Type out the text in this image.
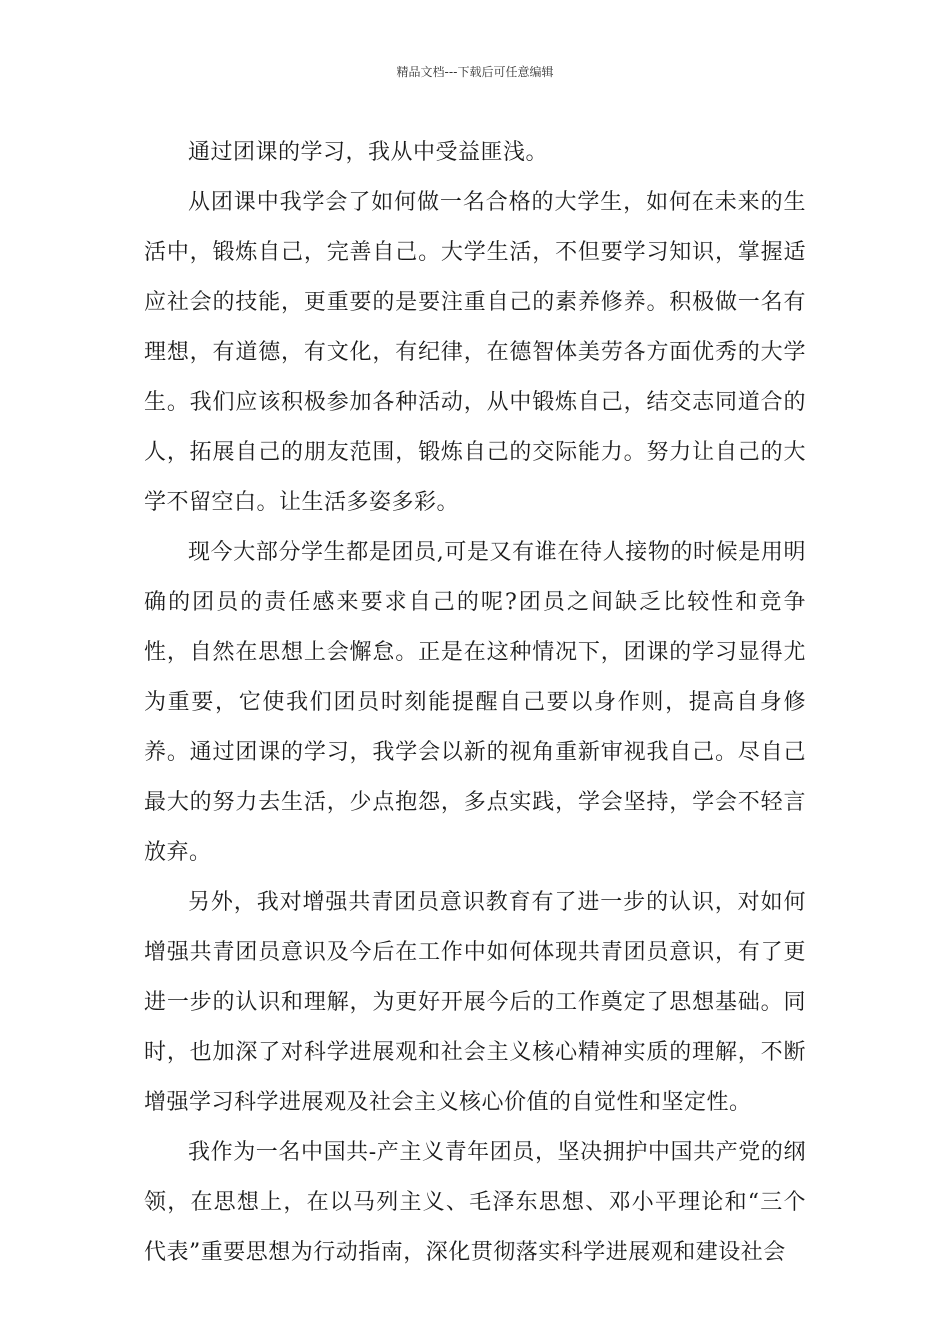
精品文档---下载后可任意编辑

通过团课的学习，我从中受益匪浅。

从团课中我学会了如何做一名合格的大学生，如何在未来的生活中，锻炼自己，完善自己。大学生活，不但要学习知识，掌握适应社会的技能，更重要的是要注重自己的素养修养。积极做一名有理想，有道德，有文化，有纪律，在德智体美劳各方面优秀的大学生。我们应该积极参加各种活动，从中锻炼自己，结交志同道合的人，拓展自己的朋友范围，锻炼自己的交际能力。努力让自己的大学不留空白。让生活多姿多彩。

现今大部分学生都是团员,可是又有谁在待人接物的时候是用明确的团员的责任感来要求自己的呢?团员之间缺乏比较性和竞争性，自然在思想上会懈怠。正是在这种情况下，团课的学习显得尤为重要，它使我们团员时刻能提醒自己要以身作则，提高自身修养。通过团课的学习，我学会以新的视角重新审视我自己。尽自己最大的努力去生活，少点抱怨，多点实践，学会坚持，学会不轻言放弃。

另外，我对增强共青团员意识教育有了进一步的认识，对如何增强共青团员意识及今后在工作中如何体现共青团员意识，有了更进一步的认识和理解，为更好开展今后的工作奠定了思想基础。同时，也加深了对科学进展观和社会主义核心精神实质的理解，不断增强学习科学进展观及社会主义核心价值的自觉性和坚定性。

我作为一名中国共-产主义青年团员，坚决拥护中国共产党的纲领，在思想上，在以马列主义、毛泽东思想、邓小平理论和“三个代表”重要思想为行动指南，深化贯彻落实科学进展观和建设社会
